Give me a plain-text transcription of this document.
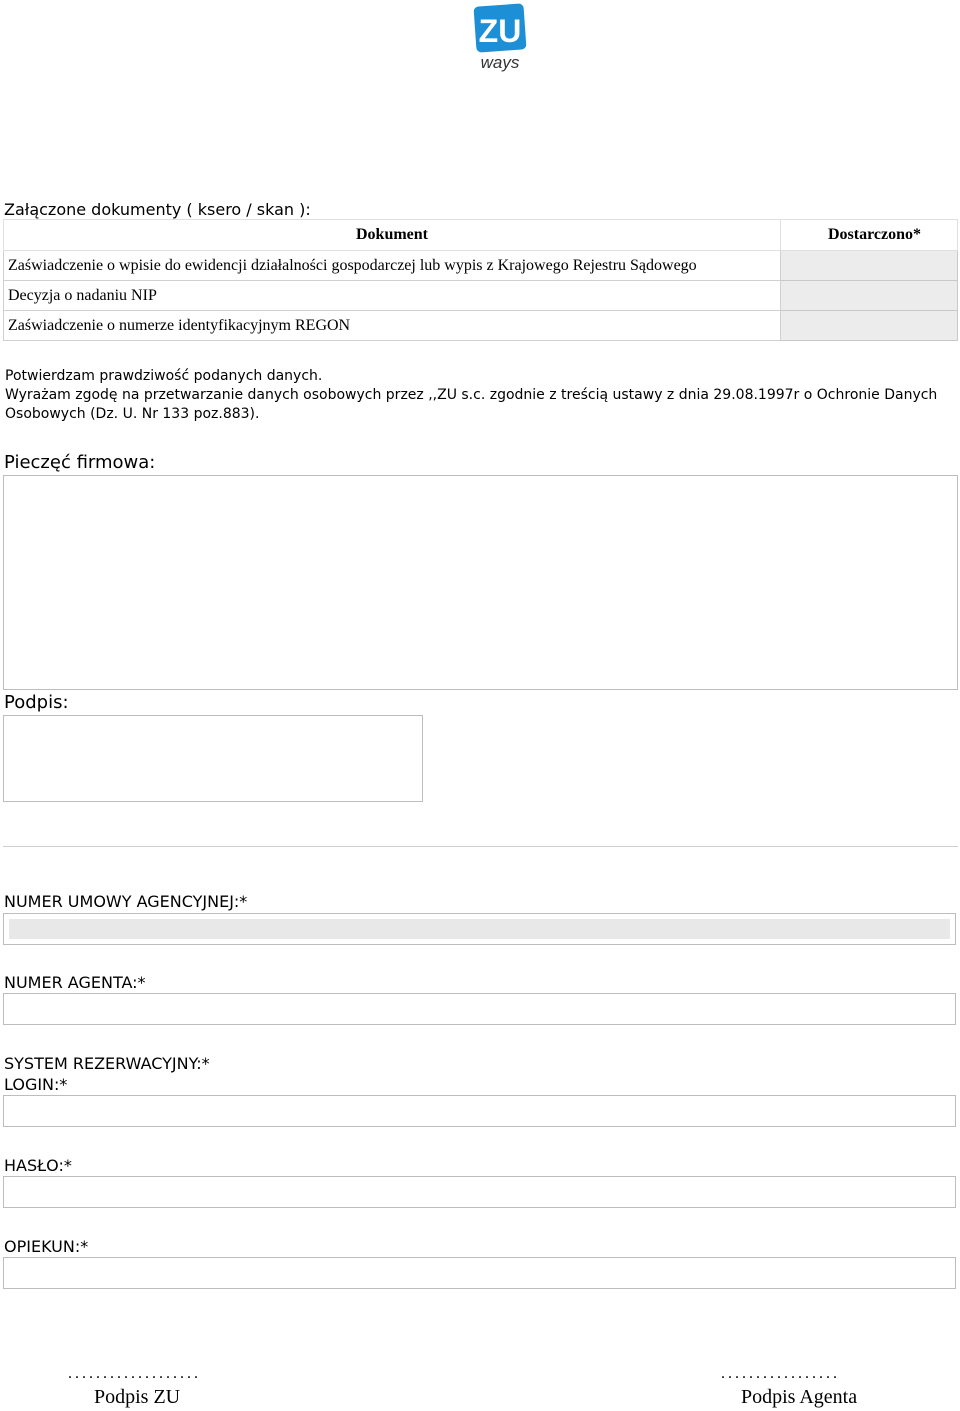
ZU
ways
Załączone dokumenty ( ksero / skan ):
Dokument	Dostarczono*
Zaświadczenie o wpisie do ewidencji działalności gospodarczej lub wypis z Krajowego Rejestru Sądowego	
Decyzja o nadaniu NIP	
Zaświadczenie o numerze identyfikacyjnym REGON	
Potwierdzam prawdziwość podanych danych.
Wyrażam zgodę na przetwarzanie danych osobowych przez ,,ZU s.c. zgodnie z treścią ustawy z dnia 29.08.1997r o Ochronie Danych Osobowych (Dz. U. Nr 133 poz.883).
Pieczęć firmowa:
Podpis:
NUMER UMOWY AGENCYJNEJ:*
NUMER AGENTA:*
SYSTEM REZERWACYJNY:*
LOGIN:*
HASŁO:*
OPIEKUN:*
...................
Podpis ZU
.................
Podpis Agenta
